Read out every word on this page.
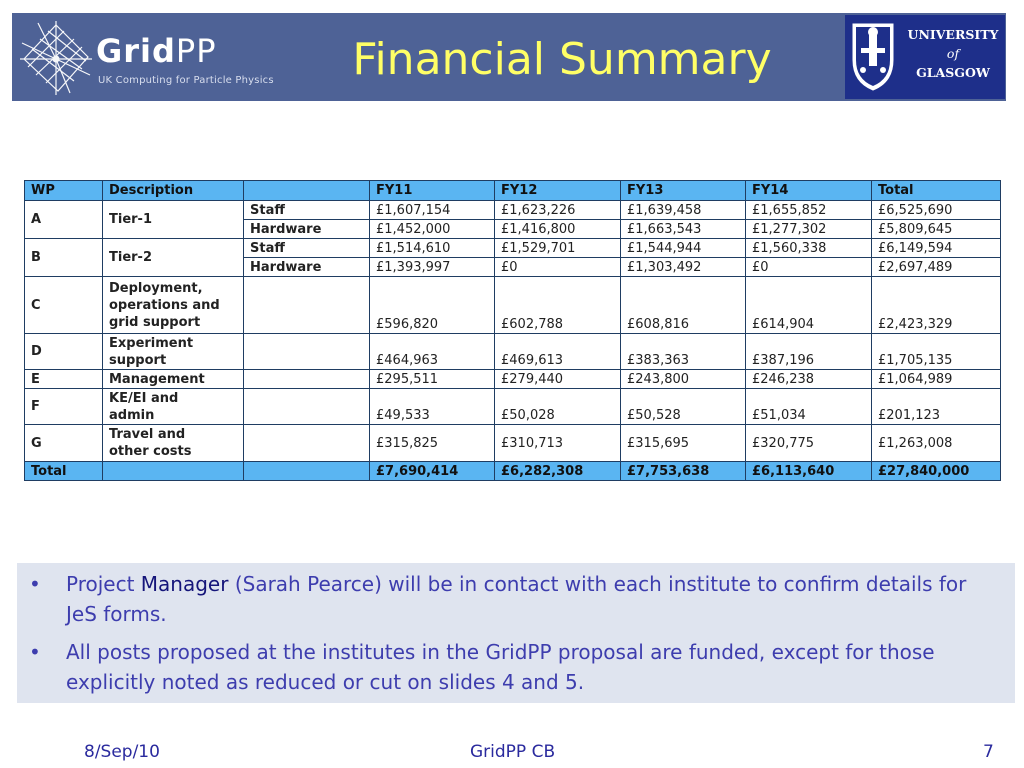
GridPP
UK Computing for Particle Physics	Financial Summary	UNIVERSITY
of
GLASGOW
WP	Description		FY11	FY12	FY13	FY14	Total
A	Tier-1	Staff	£1,607,154	£1,623,226	£1,639,458	£1,655,852	£6,525,690
		Hardware	£1,452,000	£1,416,800	£1,663,543	£1,277,302	£5,809,645
B	Tier-2	Staff	£1,514,610	£1,529,701	£1,544,944	£1,560,338	£6,149,594
		Hardware	£1,393,997	£0	£1,303,492	£0	£2,697,489
C	Deployment,
operations and
grid support		£596,820	£602,788	£608,816	£614,904	£2,423,329
D	Experiment
support		£464,963	£469,613	£383,363	£387,196	£1,705,135
E	Management		£295,511	£279,440	£243,800	£246,238	£1,064,989
F	KE/EI and
admin		£49,533	£50,028	£50,528	£51,034	£201,123
G	Travel and
other costs		£315,825	£310,713	£315,695	£320,775	£1,263,008
Total			£7,690,414	£6,282,308	£7,753,638	£6,113,640	£27,840,000
• Project Manager (Sarah Pearce) will be in contact with each institute to confirm details for JeS forms.
• All posts proposed at the institutes in the GridPP proposal are funded, except for those explicitly noted as reduced or cut on slides 4 and 5.
8/Sep/10	GridPP CB	7
